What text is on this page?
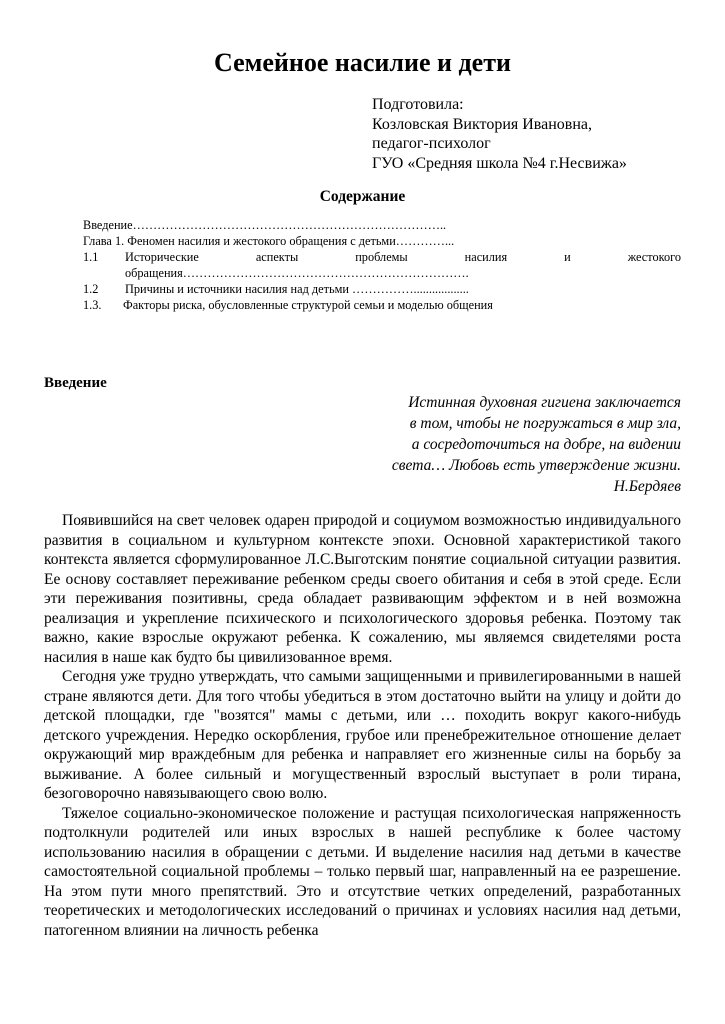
Семейное насилие и дети
Подготовила:
Козловская Виктория Ивановна,
педагог-психолог
ГУО «Средняя школа №4 г.Несвижа»
Содержание
Введение…………………………………………………………………..
Глава 1. Феномен насилия и жестокого обращения с детьми…………...
1.1	Исторические аспекты проблемы насилия и жестокого
обращения…………………………………………………………….
1.2	Причины и источники насилия над детьми ……………..................
1.3.	Факторы риска, обусловленные структурой семьи и моделью общения
Введение
Истинная духовная гигиена заключается
в том, чтобы не погружаться в мир зла,
а сосредоточиться на добре, на видении
света… Любовь есть утверждение жизни.
Н.Бердяев

Появившийся на свет человек одарен природой и социумом возможностью индивидуального развития в социальном и культурном контексте эпохи. Основной характеристикой такого контекста является сформулированное Л.С.Выготским понятие социальной ситуации развития. Ее основу составляет переживание ребенком среды своего обитания и себя в этой среде. Если эти переживания позитивны, среда обладает развивающим эффектом и в ней возможна реализация и укрепление психического и психологического здоровья ребенка. Поэтому так важно, какие взрослые окружают ребенка. К сожалению, мы являемся свидетелями роста насилия в наше как будто бы цивилизованное время.

Сегодня уже трудно утверждать, что самыми защищенными и привилегированными в нашей стране являются дети. Для того чтобы убедиться в этом достаточно выйти на улицу и дойти до детской площадки, где "возятся" мамы с детьми, или … походить вокруг какого-нибудь детского учреждения. Нередко оскорбления, грубое или пренебрежительное отношение делает окружающий мир враждебным для ребенка и направляет его жизненные силы на борьбу за выживание. А более сильный и могущественный взрослый выступает в роли тирана, безоговорочно навязывающего свою волю.

Тяжелое социально-экономическое положение и растущая психологическая напряженность подтолкнули родителей или иных взрослых в нашей республике к более частому использованию насилия в обращении с детьми. И выделение насилия над детьми в качестве самостоятельной социальной проблемы – только первый шаг, направленный на ее разрешение. На этом пути много препятствий. Это и отсутствие четких определений, разработанных теоретических и методологических исследований о причинах и условиях насилия над детьми, патогенном влиянии на личность ребенка
